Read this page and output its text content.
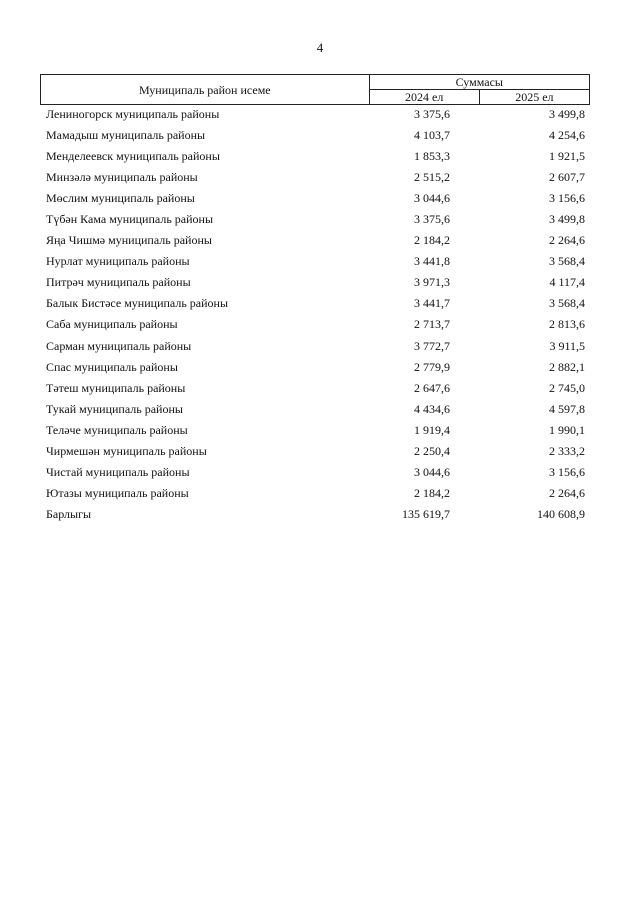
4
Муниципаль район исеме	Суммасы	
	2024 ел	2025 ел
Лениногорск муниципаль районы	3 375,6	3 499,8
Мамадыш муниципаль районы	4 103,7	4 254,6
Менделеевск муниципаль районы	1 853,3	1 921,5
Минзәлә муниципаль районы	2 515,2	2 607,7
Мөслим муниципаль районы	3 044,6	3 156,6
Түбән Кама муниципаль районы	3 375,6	3 499,8
Яңа Чишмә муниципаль районы	2 184,2	2 264,6
Нурлат муниципаль районы	3 441,8	3 568,4
Питрәч муниципаль районы	3 971,3	4 117,4
Балык Бистәсе муниципаль районы	3 441,7	3 568,4
Саба муниципаль районы	2 713,7	2 813,6
Сарман муниципаль районы	3 772,7	3 911,5
Спас муниципаль районы	2 779,9	2 882,1
Тәтеш муниципаль районы	2 647,6	2 745,0
Тукай муниципаль районы	4 434,6	4 597,8
Теләче муниципаль районы	1 919,4	1 990,1
Чирмешән муниципаль районы	2 250,4	2 333,2
Чистай муниципаль районы	3 044,6	3 156,6
Ютазы муниципаль районы	2 184,2	2 264,6
Барлыгы	135 619,7	140 608,9
